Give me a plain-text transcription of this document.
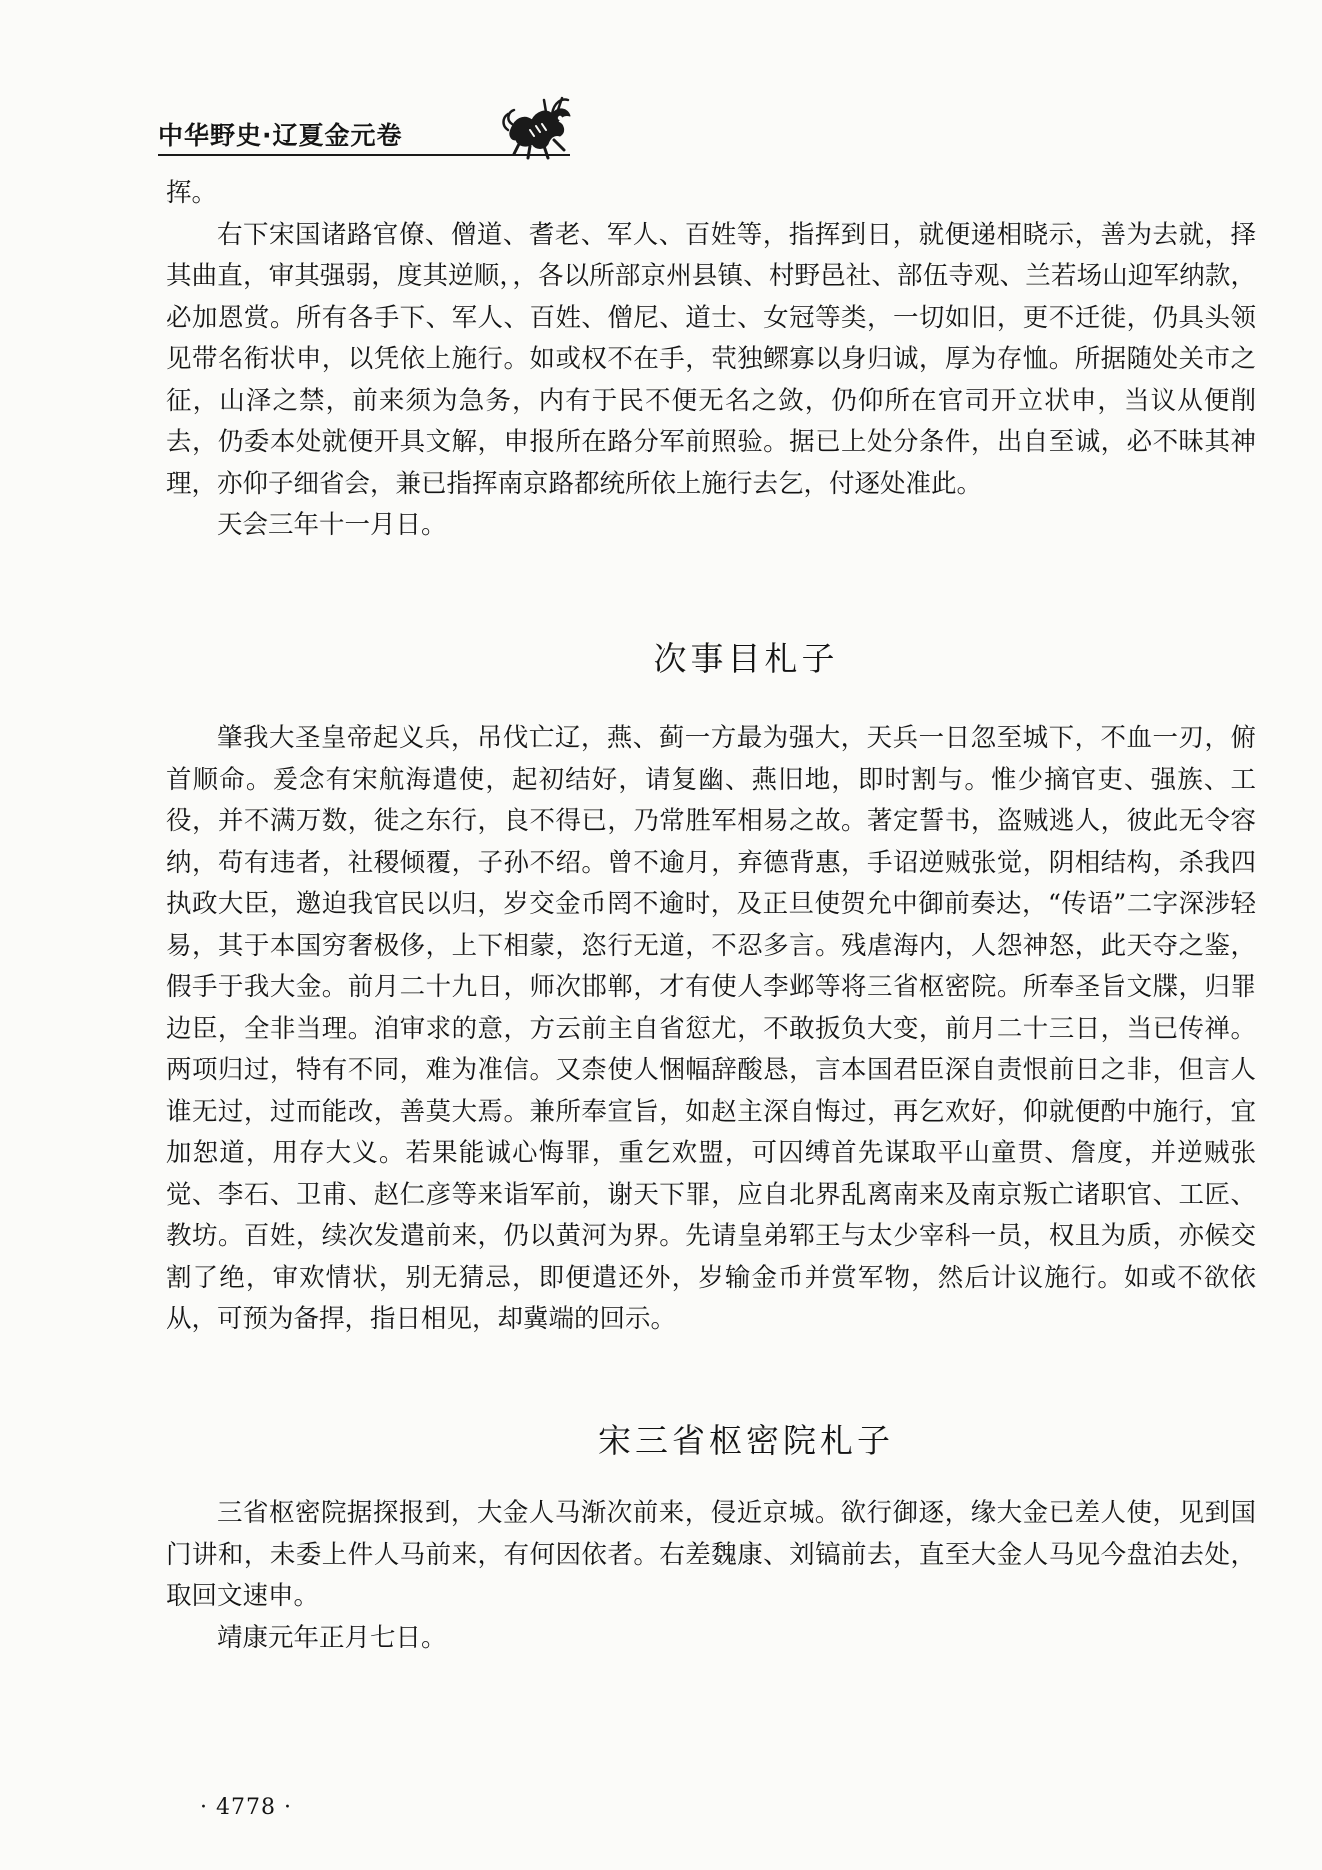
中华野史·辽夏金元卷

挥。

右下宋国诸路官僚、僧道、耆老、军人、百姓等，指挥到日，就便递相晓示，善为去就，择其曲直，审其强弱，度其逆顺，，各以所部京州县镇、村野邑社、部伍寺观、兰若场山迎军纳款，必加恩赏。所有各手下、军人、百姓、僧尼、道士、女冠等类，一切如旧，更不迁徙，仍具头领见带名衔状申，以凭依上施行。如或权不在手，茕独鳏寡以身归诚，厚为存恤。所据随处关市之征，山泽之禁，前来须为急务，内有于民不便无名之敛，仍仰所在官司开立状申，当议从便削去，仍委本处就便开具文解，申报所在路分军前照验。据已上处分条件，出自至诚，必不昧其神理，亦仰子细省会，兼已指挥南京路都统所依上施行去乞，付逐处准此。

天会三年十一月日。

次事目札子

肇我大圣皇帝起义兵，吊伐亡辽，燕、蓟一方最为强大，天兵一日忽至城下，不血一刃，俯首顺命。爰念有宋航海遣使，起初结好，请复幽、燕旧地，即时割与。惟少摘官吏、强族、工役，并不满万数，徙之东行，良不得已，乃常胜军相易之故。著定誓书，盗贼逃人，彼此无令容纳，苟有违者，社稷倾覆，子孙不绍。曾不逾月，弃德背惠，手诏逆贼张觉，阴相结构，杀我四执政大臣，邀迫我官民以归，岁交金币罔不逾时，及正旦使贺允中御前奏达，“传语”二字深涉轻易，其于本国穷奢极侈，上下相蒙，恣行无道，不忍多言。残虐海内，人怨神怒，此天夺之鉴，假手于我大金。前月二十九日，师次邯郸，才有使人李邺等将三省枢密院。所奉圣旨文牒，归罪边臣，全非当理。洎审求的意，方云前主自省愆尤，不敢扳负大变，前月二十三日，当已传禅。两项归过，特有不同，难为准信。又柰使人悃幅辞酸恳，言本国君臣深自责恨前日之非，但言人谁无过，过而能改，善莫大焉。兼所奉宣旨，如赵主深自悔过，再乞欢好，仰就便酌中施行，宜加恕道，用存大义。若果能诚心悔罪，重乞欢盟，可囚缚首先谋取平山童贯、詹度，并逆贼张觉、李石、卫甫、赵仁彦等来诣军前，谢天下罪，应自北界乱离南来及南京叛亡诸职官、工匠、教坊。百姓，续次发遣前来，仍以黄河为界。先请皇弟郓王与太少宰科一员，权且为质，亦候交割了绝，审欢情状，别无猜忌，即便遣还外，岁输金币并赏军物，然后计议施行。如或不欲依从，可预为备捍，指日相见，却冀端的回示。

宋三省枢密院札子

三省枢密院据探报到，大金人马渐次前来，侵近京城。欲行御逐，缘大金已差人使，见到国门讲和，未委上件人马前来，有何因依者。右差魏康、刘镐前去，直至大金人马见今盘泊去处，取回文速申。

靖康元年正月七日。

· 4778 ·
